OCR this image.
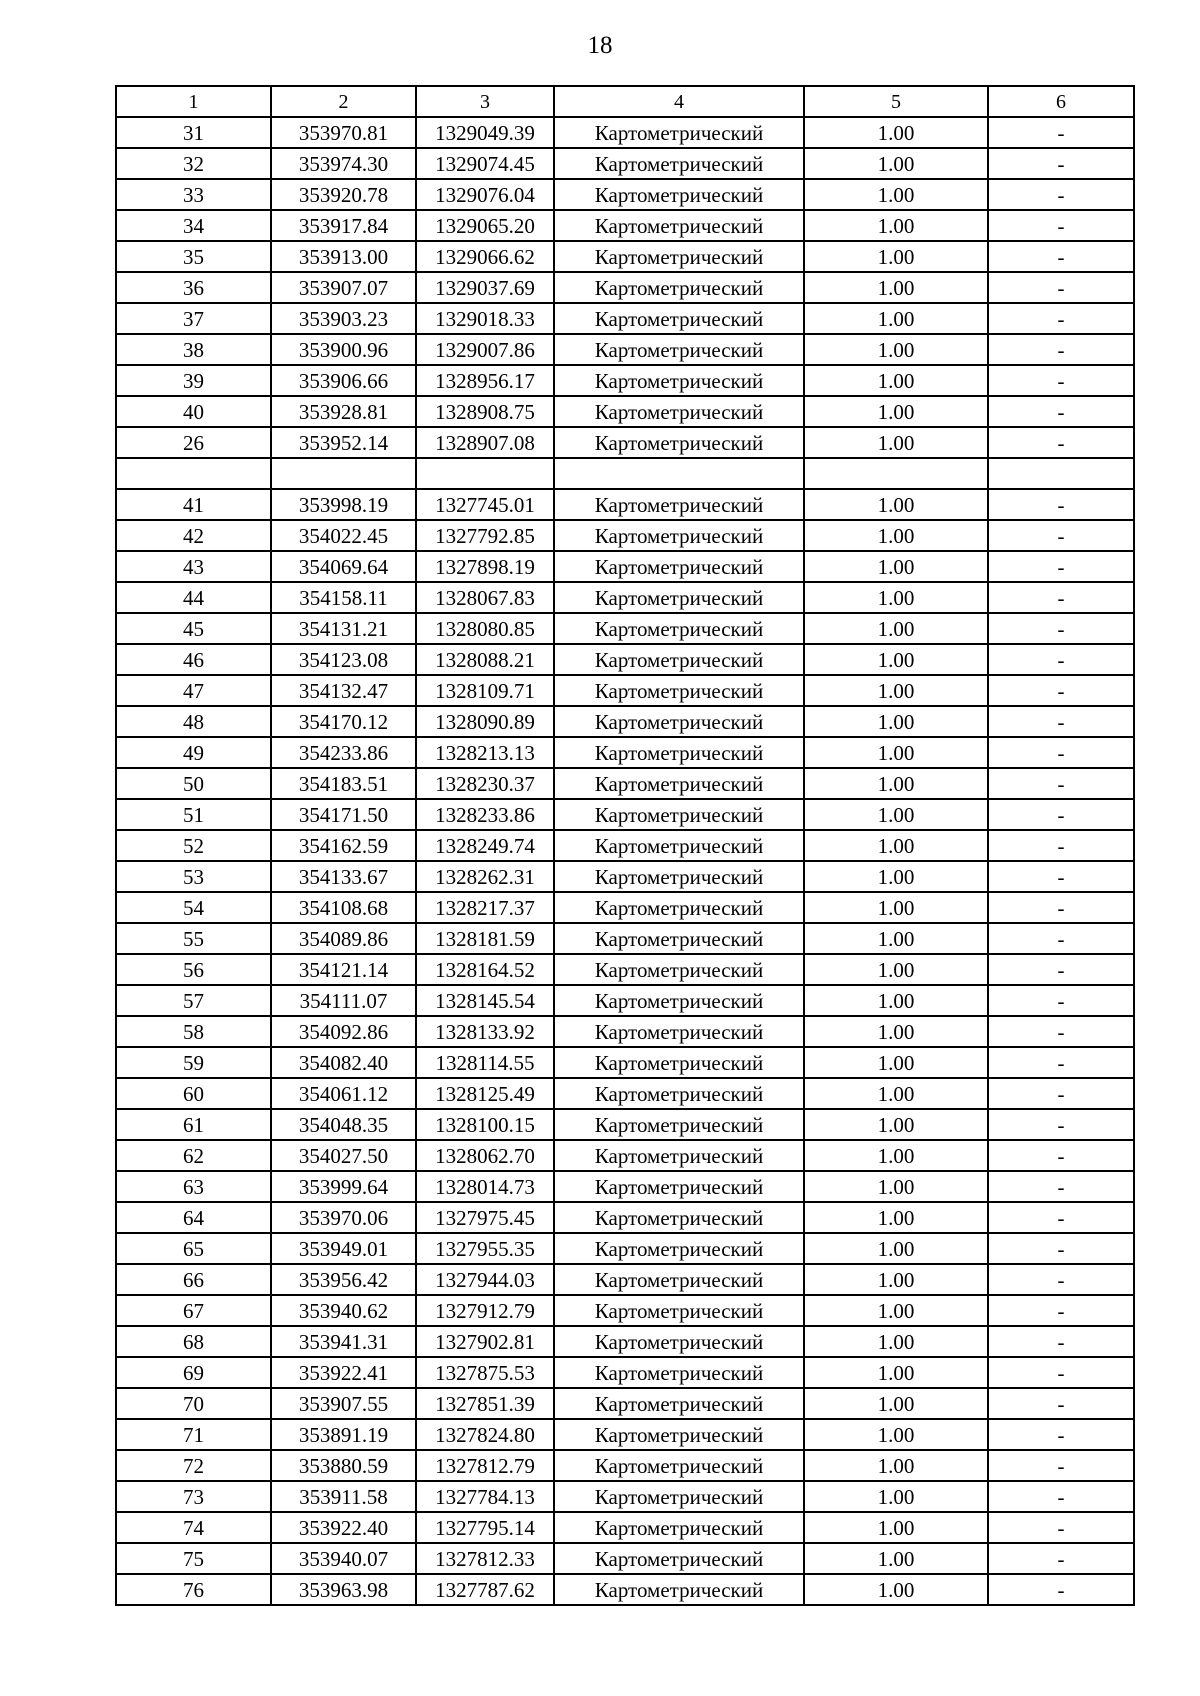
18
1	2	3	4	5	6
31	353970.81	1329049.39	Картометрический	1.00	-
32	353974.30	1329074.45	Картометрический	1.00	-
33	353920.78	1329076.04	Картометрический	1.00	-
34	353917.84	1329065.20	Картометрический	1.00	-
35	353913.00	1329066.62	Картометрический	1.00	-
36	353907.07	1329037.69	Картометрический	1.00	-
37	353903.23	1329018.33	Картометрический	1.00	-
38	353900.96	1329007.86	Картометрический	1.00	-
39	353906.66	1328956.17	Картометрический	1.00	-
40	353928.81	1328908.75	Картометрический	1.00	-
26	353952.14	1328907.08	Картометрический	1.00	-

41	353998.19	1327745.01	Картометрический	1.00	-
42	354022.45	1327792.85	Картометрический	1.00	-
43	354069.64	1327898.19	Картометрический	1.00	-
44	354158.11	1328067.83	Картометрический	1.00	-
45	354131.21	1328080.85	Картометрический	1.00	-
46	354123.08	1328088.21	Картометрический	1.00	-
47	354132.47	1328109.71	Картометрический	1.00	-
48	354170.12	1328090.89	Картометрический	1.00	-
49	354233.86	1328213.13	Картометрический	1.00	-
50	354183.51	1328230.37	Картометрический	1.00	-
51	354171.50	1328233.86	Картометрический	1.00	-
52	354162.59	1328249.74	Картометрический	1.00	-
53	354133.67	1328262.31	Картометрический	1.00	-
54	354108.68	1328217.37	Картометрический	1.00	-
55	354089.86	1328181.59	Картометрический	1.00	-
56	354121.14	1328164.52	Картометрический	1.00	-
57	354111.07	1328145.54	Картометрический	1.00	-
58	354092.86	1328133.92	Картометрический	1.00	-
59	354082.40	1328114.55	Картометрический	1.00	-
60	354061.12	1328125.49	Картометрический	1.00	-
61	354048.35	1328100.15	Картометрический	1.00	-
62	354027.50	1328062.70	Картометрический	1.00	-
63	353999.64	1328014.73	Картометрический	1.00	-
64	353970.06	1327975.45	Картометрический	1.00	-
65	353949.01	1327955.35	Картометрический	1.00	-
66	353956.42	1327944.03	Картометрический	1.00	-
67	353940.62	1327912.79	Картометрический	1.00	-
68	353941.31	1327902.81	Картометрический	1.00	-
69	353922.41	1327875.53	Картометрический	1.00	-
70	353907.55	1327851.39	Картометрический	1.00	-
71	353891.19	1327824.80	Картометрический	1.00	-
72	353880.59	1327812.79	Картометрический	1.00	-
73	353911.58	1327784.13	Картометрический	1.00	-
74	353922.40	1327795.14	Картометрический	1.00	-
75	353940.07	1327812.33	Картометрический	1.00	-
76	353963.98	1327787.62	Картометрический	1.00	-
